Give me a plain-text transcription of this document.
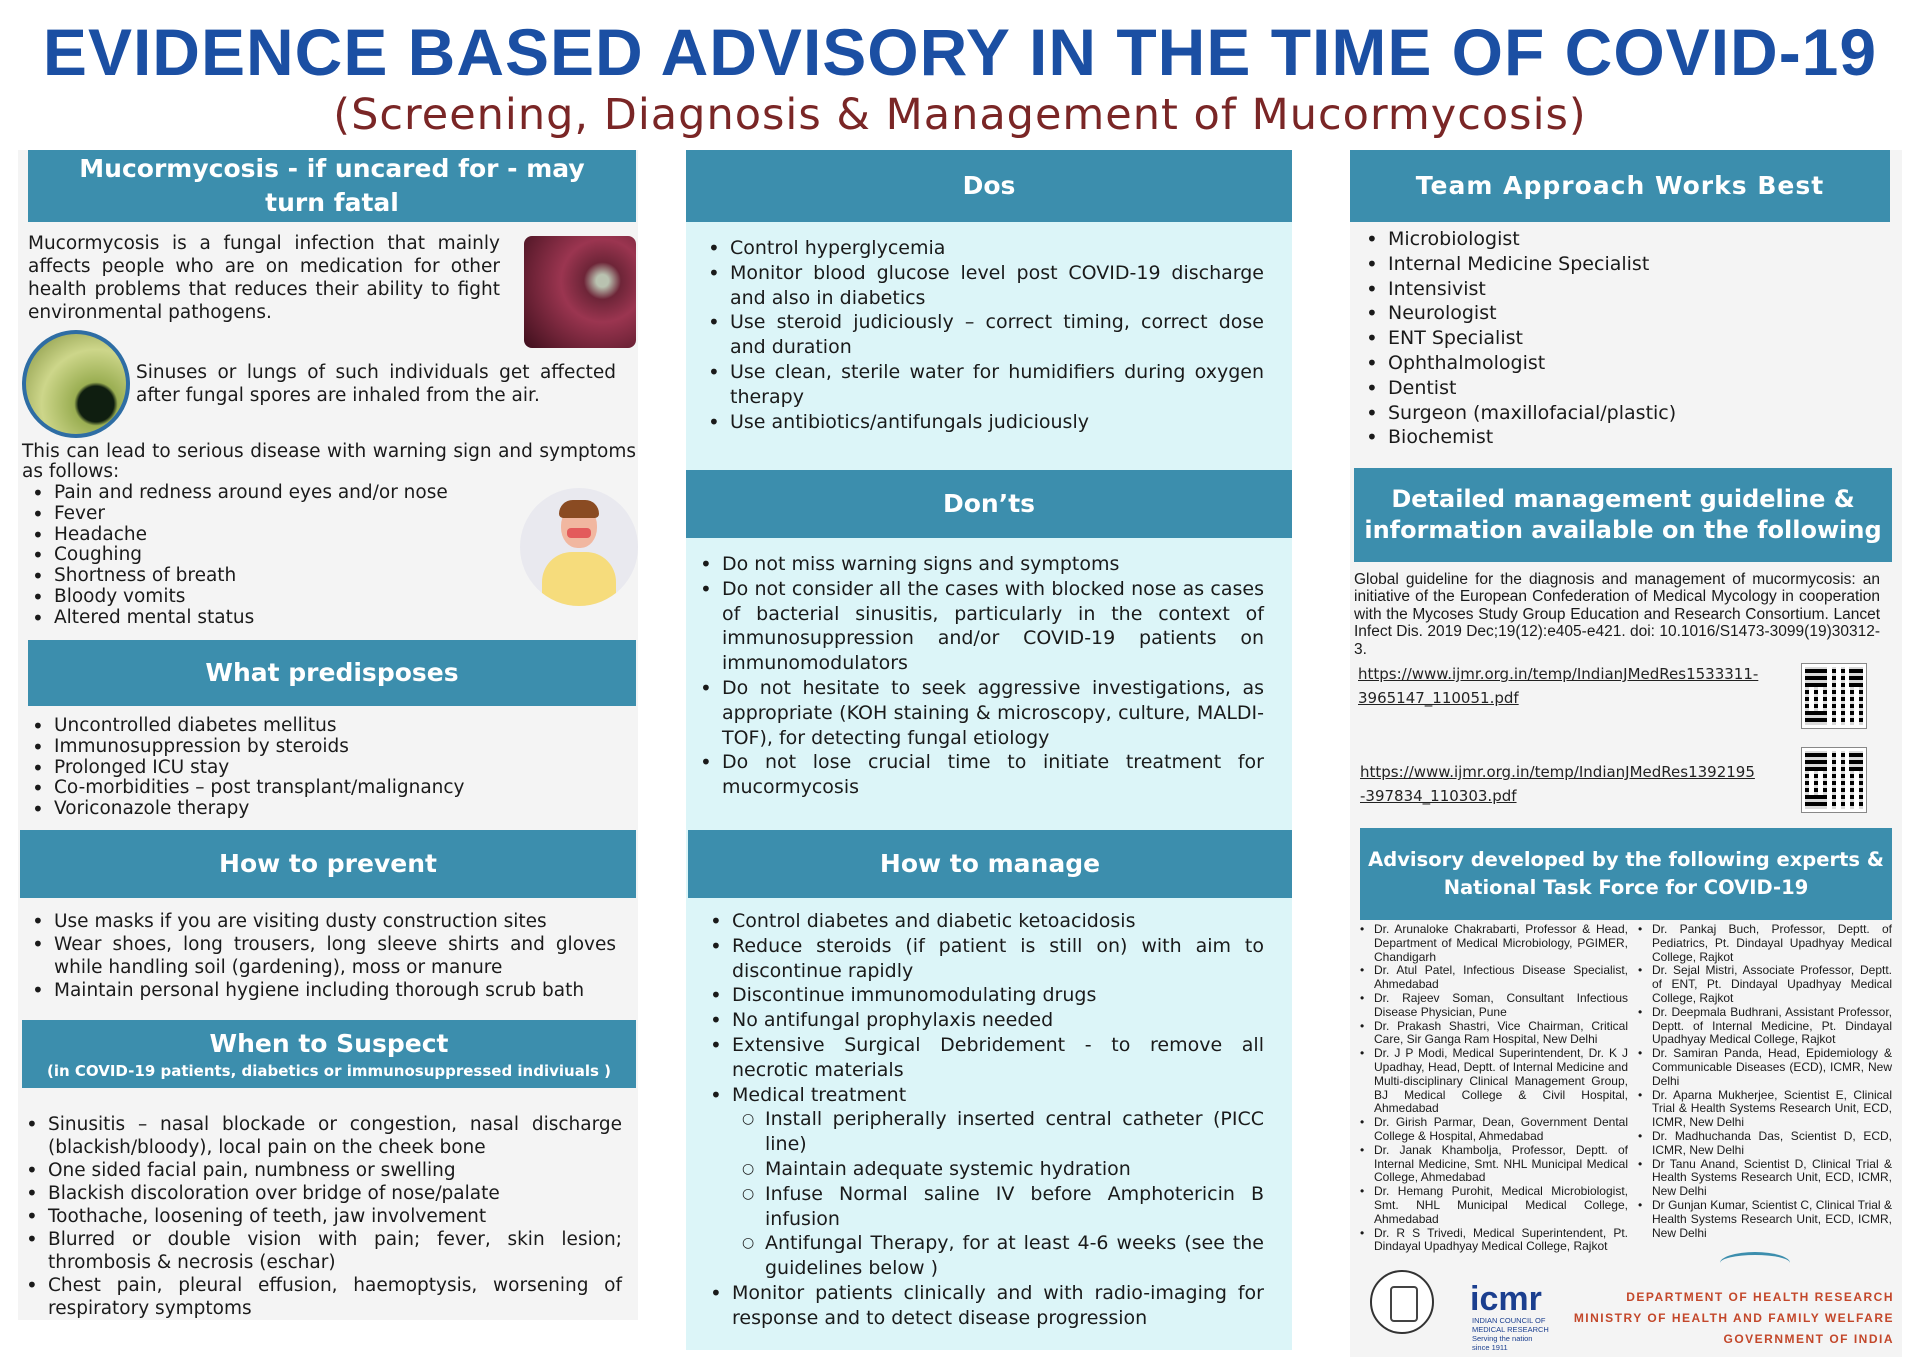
EVIDENCE BASED ADVISORY IN THE TIME OF COVID-19
(Screening, Diagnosis & Management of Mucormycosis)
Mucormycosis - if uncared for - may
turn fatal
Mucormycosis is a fungal infection that mainly affects people who are on medication for other health problems that reduces their ability to fight environmental pathogens.
Sinuses or lungs of such individuals get affected after fungal spores are inhaled from the air.
This can lead to serious disease with warning sign and symptoms as follows:
• Pain and redness around eyes and/or nose
• Fever
• Headache
• Coughing
• Shortness of breath
• Bloody vomits
• Altered mental status
What predisposes
• Uncontrolled diabetes mellitus
• Immunosuppression by steroids
• Prolonged ICU stay
• Co-morbidities – post transplant/malignancy
• Voriconazole therapy
How to prevent
• Use masks if you are visiting dusty construction sites
• Wear shoes, long trousers, long sleeve shirts and gloves while handling soil (gardening), moss or manure
• Maintain personal hygiene including thorough scrub bath
When to Suspect
(in COVID-19 patients, diabetics or immunosuppressed indiviuals )
• Sinusitis – nasal blockade or congestion, nasal discharge (blackish/bloody), local pain on the cheek bone
• One sided facial pain, numbness or swelling
• Blackish discoloration over bridge of nose/palate
• Toothache, loosening of teeth, jaw involvement
• Blurred or double vision with pain; fever, skin lesion; thrombosis & necrosis (eschar)
• Chest pain, pleural effusion, haemoptysis, worsening of respiratory symptoms
Dos
• Control hyperglycemia
• Monitor blood glucose level post COVID-19 discharge and also in diabetics
• Use steroid judiciously – correct timing, correct dose and duration
• Use clean, sterile water for humidifiers during oxygen therapy
• Use antibiotics/antifungals judiciously
Don’ts
• Do not miss warning signs and symptoms
• Do not consider all the cases with blocked nose as cases of bacterial sinusitis, particularly in the context of immunosuppression and/or COVID-19 patients on immunomodulators
• Do not hesitate to seek aggressive investigations, as appropriate (KOH staining & microscopy, culture, MALDI-TOF), for detecting fungal etiology
• Do not lose crucial time to initiate treatment for mucormycosis
How to manage
• Control diabetes and diabetic ketoacidosis
• Reduce steroids (if patient is still on) with aim to discontinue rapidly
• Discontinue immunomodulating drugs
• No antifungal prophylaxis needed
• Extensive Surgical Debridement - to remove all necrotic materials
• Medical treatment
○ Install peripherally inserted central catheter (PICC line)
○ Maintain adequate systemic hydration
○ Infuse Normal saline IV before Amphotericin B infusion
○ Antifungal Therapy, for at least 4-6 weeks (see the guidelines below )
• Monitor patients clinically and with radio-imaging for response and to detect disease progression
Team Approach Works Best
• Microbiologist
• Internal Medicine Specialist
• Intensivist
• Neurologist
• ENT Specialist
• Ophthalmologist
• Dentist
• Surgeon (maxillofacial/plastic)
• Biochemist
Detailed management guideline &
information available on the following
Global guideline for the diagnosis and management of mucormycosis: an initiative of the European Confederation of Medical Mycology in cooperation with the Mycoses Study Group Education and Research Consortium. Lancet Infect Dis. 2019 Dec;19(12):e405-e421. doi: 10.1016/S1473-3099(19)30312-3.
https://www.ijmr.org.in/temp/IndianJMedRes1533311-
3965147_110051.pdf
https://www.ijmr.org.in/temp/IndianJMedRes1392195
-397834_110303.pdf
Advisory developed by the following experts &
National Task Force for COVID-19
• Dr. Arunaloke Chakrabarti, Professor & Head, Department of Medical Microbiology, PGIMER, Chandigarh
• Dr. Atul Patel, Infectious Disease Specialist, Ahmedabad
• Dr. Rajeev Soman, Consultant Infectious Disease Physician, Pune
• Dr. Prakash Shastri, Vice Chairman, Critical Care, Sir Ganga Ram Hospital, New Delhi
• Dr. J P Modi, Medical Superintendent, Dr. K J Upadhay, Head, Deptt. of Internal Medicine and Multi-disciplinary Clinical Management Group, BJ Medical College & Civil Hospital, Ahmedabad
• Dr. Girish Parmar, Dean, Government Dental College & Hospital, Ahmedabad
• Dr. Janak Khambolja, Professor, Deptt. of Internal Medicine, Smt. NHL Municipal Medical College, Ahmedabad
• Dr. Hemang Purohit, Medical Microbiologist, Smt. NHL Municipal Medical College, Ahmedabad
• Dr. R S Trivedi, Medical Superintendent, Pt. Dindayal Upadhyay Medical College, Rajkot
• Dr. Pankaj Buch, Professor, Deptt. of Pediatrics, Pt. Dindayal Upadhyay Medical College, Rajkot
• Dr. Sejal Mistri, Associate Professor, Deptt. of ENT, Pt. Dindayal Upadhyay Medical College, Rajkot
• Dr. Deepmala Budhrani, Assistant Professor, Deptt. of Internal Medicine, Pt. Dindayal Upadhyay Medical College, Rajkot
• Dr. Samiran Panda, Head, Epidemiology & Communicable Diseases (ECD), ICMR, New Delhi
• Dr. Aparna Mukherjee, Scientist E, Clinical Trial & Health Systems Research Unit, ECD, ICMR, New Delhi
• Dr. Madhuchanda Das, Scientist D, ECD, ICMR, New Delhi
• Dr Tanu Anand, Scientist D, Clinical Trial & Health Systems Research Unit, ECD, ICMR, New Delhi
• Dr Gunjan Kumar, Scientist C, Clinical Trial & Health Systems Research Unit, ECD, ICMR, New Delhi
icmr
INDIAN COUNCIL OF MEDICAL RESEARCH Serving the nation since 1911
DEPARTMENT OF HEALTH RESEARCH
MINISTRY OF HEALTH AND FAMILY WELFARE
GOVERNMENT OF INDIA
